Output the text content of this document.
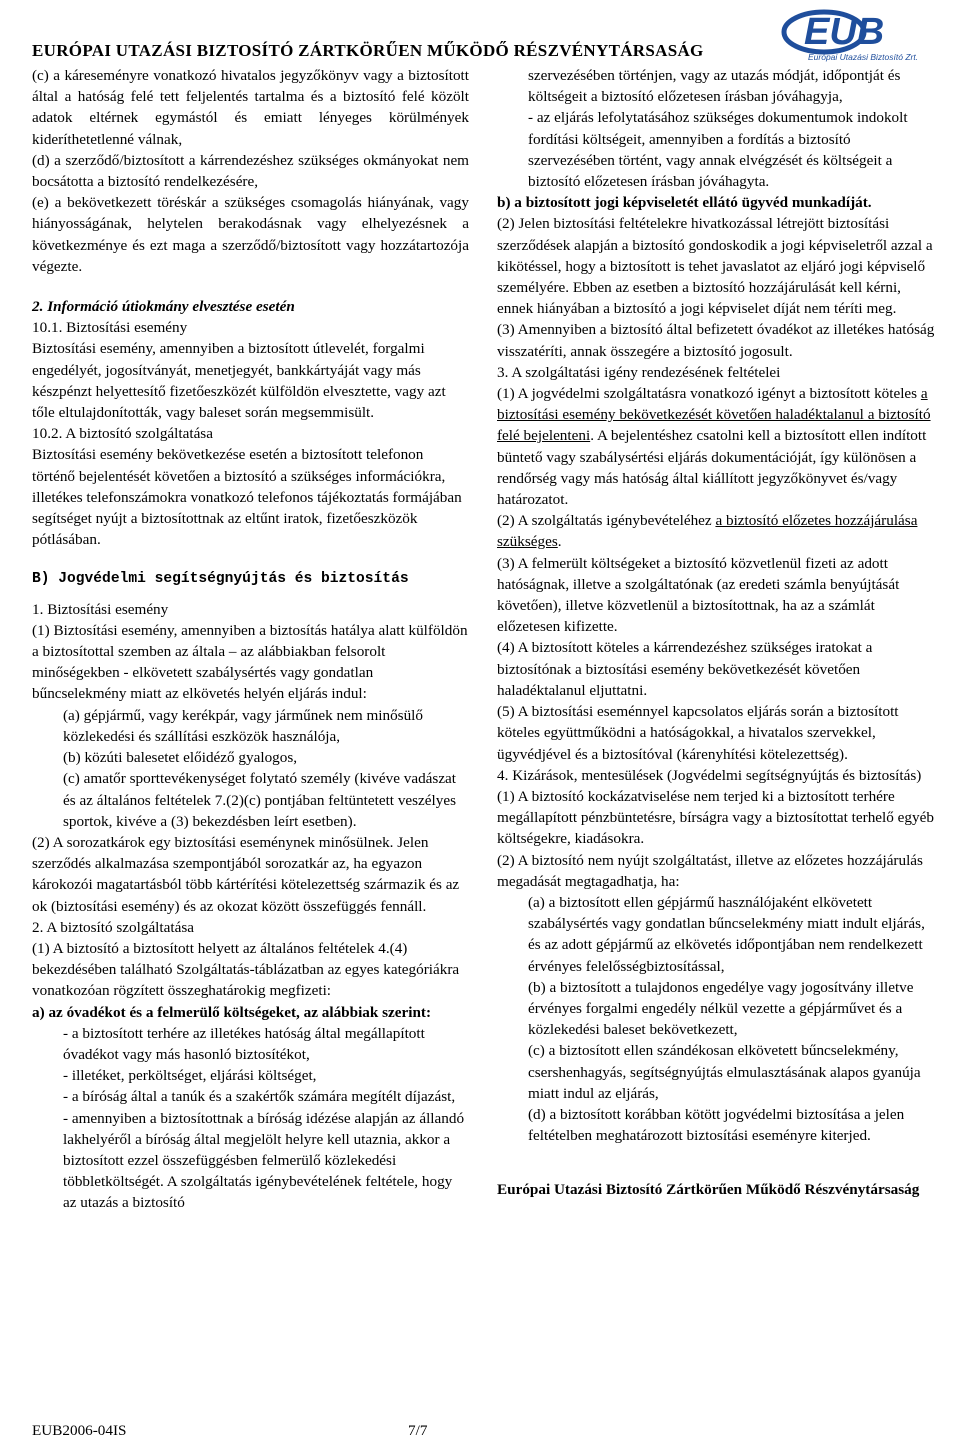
EURÓPAI UTAZÁSI BIZTOSÍTÓ ZÁRTKÖRŰEN MŰKÖDŐ RÉSZVÉNYTÁRSASÁG	EUB
Európai Utazási Biztosító Zrt.

(c) a káreseményre vonatkozó hivatalos jegyzőkönyv vagy a biztosított által a hatóság felé tett feljelentés tartalma és a biztosító felé közölt adatok eltérnek egymástól és emiatt lényeges körülmények kideríthetetlenné válnak,

(d) a szerződő/biztosított a kárrendezéshez szükséges okmányokat nem bocsátotta a biztosító rendelkezésére,

(e) a bekövetkezett töréskár a szükséges csomagolás hiányának, vagy hiányosságának, helytelen berakodásnak vagy elhelyezésnek a következménye és ezt maga a szerződő/biztosított vagy hozzátartozója végezte.

2. Információ útiokmány elvesztése esetén

10.1. Biztosítási esemény

Biztosítási esemény, amennyiben a biztosított útlevelét, forgalmi engedélyét, jogosítványát, menetjegyét, bankkártyáját vagy más készpénzt helyettesítő fizetőeszközét külföldön elvesztette, vagy azt tőle eltulajdonították, vagy baleset során megsemmisült.

10.2. A biztosító szolgáltatása

Biztosítási esemény bekövetkezése esetén a biztosított telefonon történő bejelentését követően a biztosító a szükséges információkra, illetékes telefonszámokra vonatkozó telefonos tájékoztatás formájában segítséget nyújt a biztosítottnak az eltűnt iratok, fizetőeszközök pótlásában.

B) Jogvédelmi segítségnyújtás és biztosítás

1. Biztosítási esemény

(1) Biztosítási esemény, amennyiben a biztosítás hatálya alatt külföldön a biztosítottal szemben az általa – az alábbiakban felsorolt minőségekben - elkövetett szabálysértés vagy gondatlan bűncselekmény miatt az elkövetés helyén eljárás indul:

(a) gépjármű, vagy kerékpár, vagy járműnek nem minősülő közlekedési és szállítási eszközök használója,

(b) közúti balesetet előidéző gyalogos,

(c) amatőr sporttevékenységet folytató személy (kivéve vadászat és az általános feltételek 7.(2)(c) pontjában feltüntetett veszélyes sportok, kivéve a (3) bekezdésben leírt esetben).

(2) A sorozatkárok egy biztosítási eseménynek minősülnek. Jelen szerződés alkalmazása szempontjából sorozatkár az, ha egyazon károkozói magatartásból több kártérítési kötelezettség származik és az ok (biztosítási esemény) és az okozat között összefüggés fennáll.

2. A biztosító szolgáltatása

(1) A biztosító a biztosított helyett az általános feltételek 4.(4) bekezdésében található Szolgáltatás-táblázatban az egyes kategóriákra vonatkozóan rögzített összeghatárokig megfizeti:

a) az óvadékot és a felmerülő költségeket, az alábbiak szerint:

- a biztosított terhére az illetékes hatóság által megállapított óvadékot vagy más hasonló biztosítékot,

- illetéket, perköltséget, eljárási költséget,

- a bíróság által a tanúk és a szakértők számára megítélt díjazást,

- amennyiben a biztosítottnak a bíróság idézése alapján az állandó lakhelyéről a bíróság által megjelölt helyre kell utaznia, akkor a biztosított ezzel összefüggésben felmerülő közlekedési többletköltségét. A szolgáltatás igénybevételének feltétele, hogy az utazás a biztosító

szervezésében történjen, vagy az utazás módját, időpontját és költségeit a biztosító előzetesen írásban jóváhagyja,

- az eljárás lefolytatásához szükséges dokumentumok indokolt fordítási költségeit, amennyiben a fordítás a biztosító szervezésében történt, vagy annak elvégzését és költségeit a biztosító előzetesen írásban jóváhagyta.

b) a biztosított jogi képviseletét ellátó ügyvéd munkadíját.

(2) Jelen biztosítási feltételekre hivatkozással létrejött biztosítási szerződések alapján a biztosító gondoskodik a jogi képviseletről azzal a kikötéssel, hogy a biztosított is tehet javaslatot az eljáró jogi képviselő személyére. Ebben az esetben a biztosító hozzájárulását kell kérni, ennek hiányában a biztosító a jogi képviselet díját nem téríti meg.

(3) Amennyiben a biztosító által befizetett óvadékot az illetékes hatóság visszatéríti, annak összegére a biztosító jogosult.

3. A szolgáltatási igény rendezésének feltételei

(1) A jogvédelmi szolgáltatásra vonatkozó igényt a biztosított köteles a biztosítási esemény bekövetkezését követően haladéktalanul a biztosító felé bejelenteni. A bejelentéshez csatolni kell a biztosított ellen indított büntető vagy szabálysértési eljárás dokumentációját, így különösen a rendőrség vagy más hatóság által kiállított jegyzőkönyvet és/vagy határozatot.

(2) A szolgáltatás igénybevételéhez a biztosító előzetes hozzájárulása szükséges.

(3) A felmerült költségeket a biztosító közvetlenül fizeti az adott hatóságnak, illetve a szolgáltatónak (az eredeti számla benyújtását követően), illetve közvetlenül a biztosítottnak, ha az a számlát előzetesen kifizette.

(4) A biztosított köteles a kárrendezéshez szükséges iratokat a biztosítónak a biztosítási esemény bekövetkezését követően haladéktalanul eljuttatni.

(5) A biztosítási eseménnyel kapcsolatos eljárás során a biztosított köteles együttműködni a hatóságokkal, a hivatalos szervekkel, ügyvédjével és a biztosítóval (kárenyhítési kötelezettség).

4. Kizárások, mentesülések (Jogvédelmi segítségnyújtás és biztosítás)

(1) A biztosító kockázatviselése nem terjed ki a biztosított terhére megállapított pénzbüntetésre, bírságra vagy a biztosítottat terhelő egyéb költségekre, kiadásokra.

(2) A biztosító nem nyújt szolgáltatást, illetve az előzetes hozzájárulás megadását megtagadhatja, ha:

(a) a biztosított ellen gépjármű használójaként elkövetett szabálysértés vagy gondatlan bűncselekmény miatt indult eljárás, és az adott gépjármű az elkövetés időpontjában nem rendelkezett érvényes felelősségbiztosítással,

(b) a biztosított a tulajdonos engedélye vagy jogosítvány illetve érvényes forgalmi engedély nélkül vezette a gépjárművet és a közlekedési baleset bekövetkezett,

(c) a biztosított ellen szándékosan elkövetett bűncselekmény, csershenhagyás, segítségnyújtás elmulasztásának alapos gyanúja miatt indul az eljárás,

(d) a biztosított korábban kötött jogvédelmi biztosítása a jelen feltételben meghatározott biztosítási eseményre kiterjed.

Európai Utazási Biztosító Zártkörűen Működő Részvénytársaság

EUB2006-04IS	7/7
